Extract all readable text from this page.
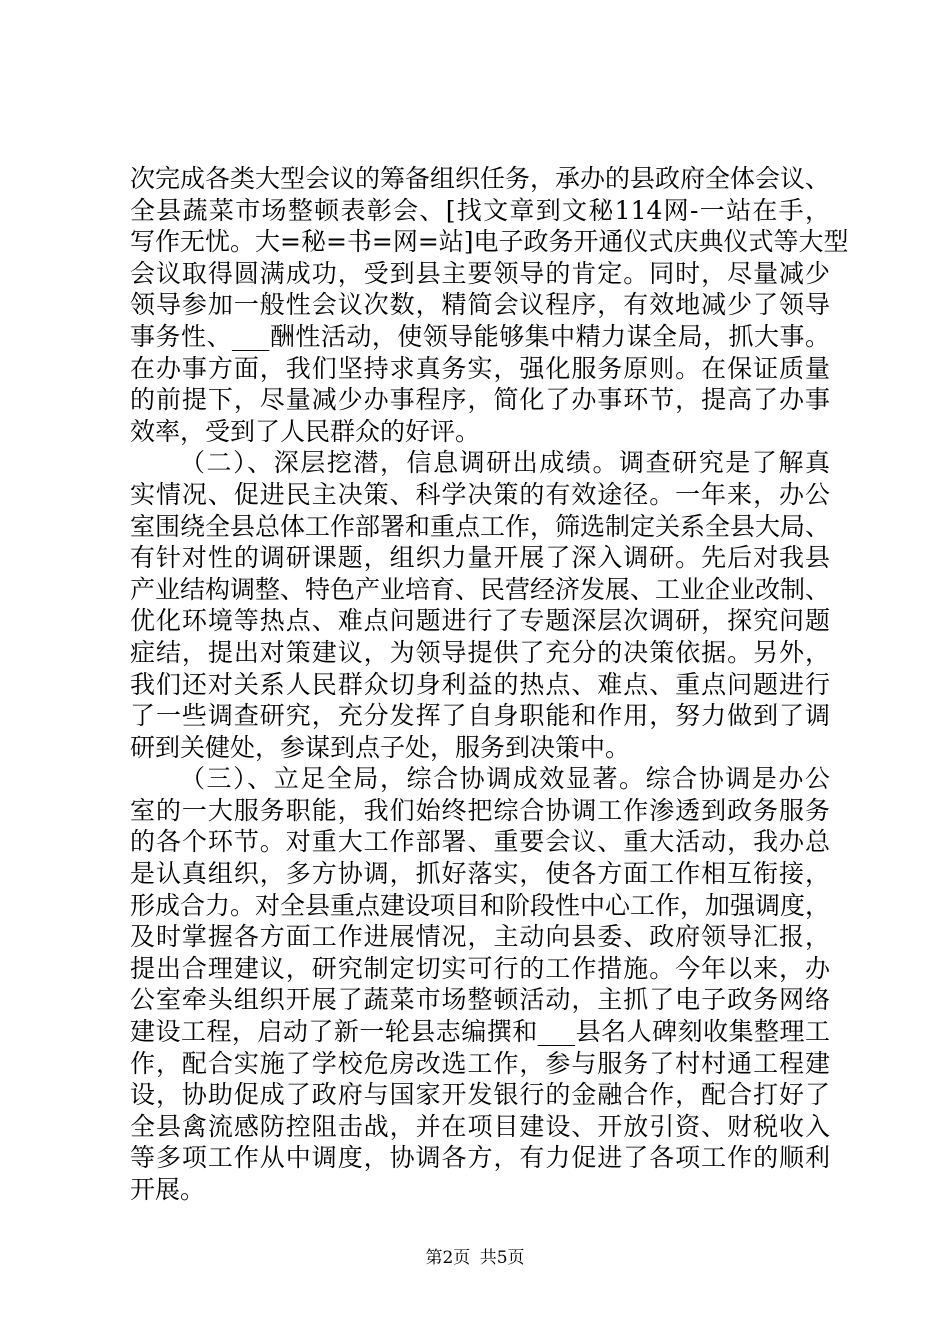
次完成各类大型会议的筹备组织任务，承办的县政府全体会议、
全县蔬菜市场整顿表彰会、[找文章到文秘114网-一站在手，
写作无忧。大=秘=书=网=站]电子政务开通仪式庆典仪式等大型
会议取得圆满成功，受到县主要领导的肯定。同时，尽量减少
领导参加一般性会议次数，精简会议程序，有效地减少了领导
事务性、___酬性活动，使领导能够集中精力谋全局，抓大事。
在办事方面，我们坚持求真务实，强化服务原则。在保证质量
的前提下，尽量减少办事程序，简化了办事环节，提高了办事
效率，受到了人民群众的好评。
（二）、深层挖潜，信息调研出成绩。调查研究是了解真
实情况、促进民主决策、科学决策的有效途径。一年来，办公
室围绕全县总体工作部署和重点工作，筛选制定关系全县大局、
有针对性的调研课题，组织力量开展了深入调研。先后对我县
产业结构调整、特色产业培育、民营经济发展、工业企业改制、
优化环境等热点、难点问题进行了专题深层次调研，探究问题
症结，提出对策建议，为领导提供了充分的决策依据。另外，
我们还对关系人民群众切身利益的热点、难点、重点问题进行
了一些调查研究，充分发挥了自身职能和作用，努力做到了调
研到关健处，参谋到点子处，服务到决策中。
（三）、立足全局，综合协调成效显著。综合协调是办公
室的一大服务职能，我们始终把综合协调工作渗透到政务服务
的各个环节。对重大工作部署、重要会议、重大活动，我办总
是认真组织，多方协调，抓好落实，使各方面工作相互衔接，
形成合力。对全县重点建设项目和阶段性中心工作，加强调度，
及时掌握各方面工作进展情况，主动向县委、政府领导汇报，
提出合理建议，研究制定切实可行的工作措施。今年以来，办
公室牵头组织开展了蔬菜市场整顿活动，主抓了电子政务网络
建设工程，启动了新一轮县志编撰和___县名人碑刻收集整理工
作，配合实施了学校危房改选工作，参与服务了村村通工程建
设，协助促成了政府与国家开发银行的金融合作，配合打好了
全县禽流感防控阻击战，并在项目建设、开放引资、财税收入
等多项工作从中调度，协调各方，有力促进了各项工作的顺利
开展。
第2页 共5页
